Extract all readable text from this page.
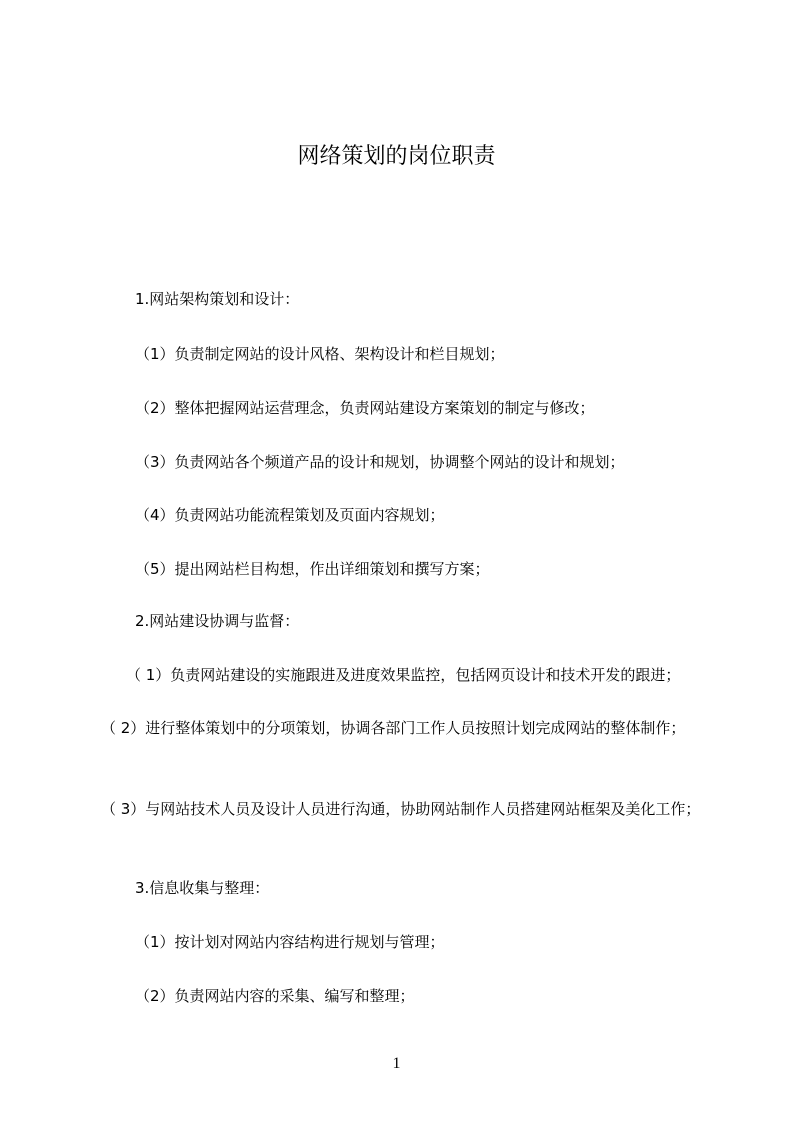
网络策划的岗位职责
1.网站架构策划和设计：
（1）负责制定网站的设计风格、架构设计和栏目规划；
（2）整体把握网站运营理念，负责网站建设方案策划的制定与修改；
（3）负责网站各个频道产品的设计和规划，协调整个网站的设计和规划；
（4）负责网站功能流程策划及页面内容规划；
（5）提出网站栏目构想，作出详细策划和撰写方案；
2.网站建设协调与监督：
（ 1）负责网站建设的实施跟进及进度效果监控，包括网页设计和技术开发的跟进；
（ 2）进行整体策划中的分项策划，协调各部门工作人员按照计划完成网站的整体制作；
（ 3）与网站技术人员及设计人员进行沟通，协助网站制作人员搭建网站框架及美化工作；
3.信息收集与整理：
（1）按计划对网站内容结构进行规划与管理；
（2）负责网站内容的采集、编写和整理；
1
